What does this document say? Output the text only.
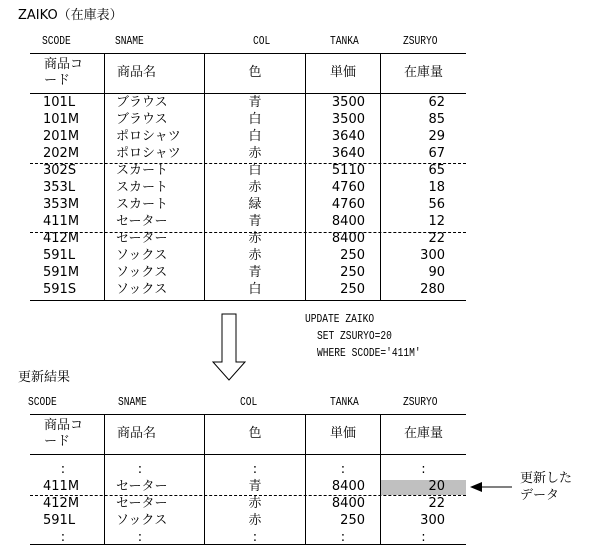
ZAIKO（在庫表）
SCODE	SNAME	COL	TANKA	ZSURYO
商品コ
ード
商品名	色	単価	在庫量
101L	ブラウス	青	3500	62
101M	ブラウス	白	3500	85
201M	ポロシャツ	白	3640	29
202M	ポロシャツ	赤	3640	67
302S	スカート	白	5110	65
353L	スカート	赤	4760	18
353M	スカート	緑	4760	56
411M	セーター	青	8400	12
412M	セーター	赤	8400	22
591L	ソックス	赤	250	300
591M	ソックス	青	250	90
591S	ソックス	白	250	280
UPDATE ZAIKO
SET ZSURYO=20
WHERE SCODE='411M'
更新結果
SCODE	SNAME	COL	TANKA	ZSURYO
商品コ
ード
商品名	色	単価	在庫量
:	:	:	:	:
411M	セーター	青	8400	20
412M	セーター	赤	8400	22
591L	ソックス	赤	250	300
:	:	:	:	:
更新した
データ
